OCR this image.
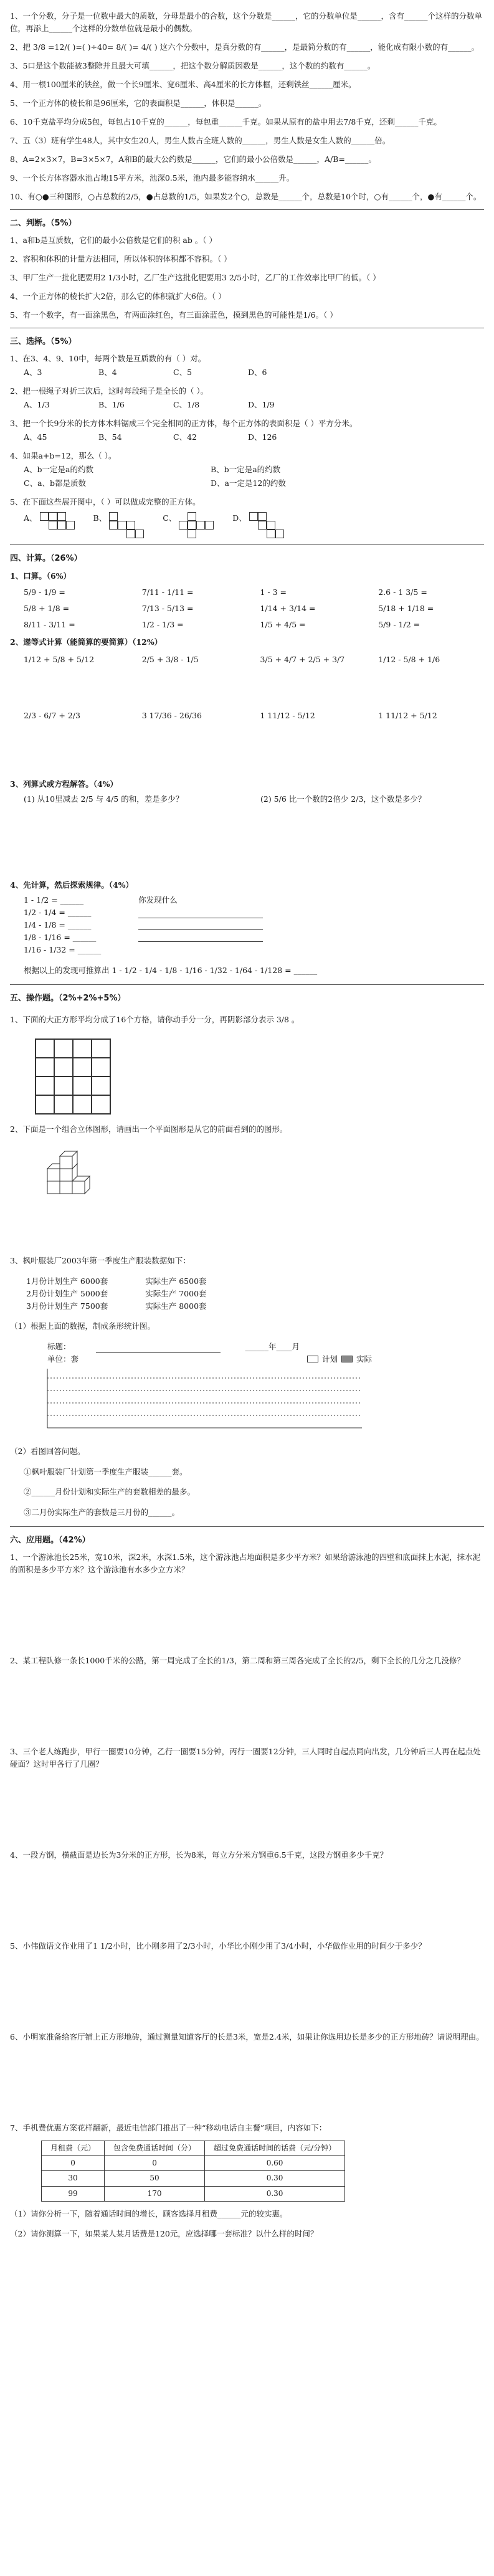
1、一个分数，分子是一位数中最大的质数，分母是最小的合数，这个分数是______，它的分数单位是______，含有______个这样的分数单位，再添上______个这样的分数单位就是最小的偶数。

2、把 3/8 =12/( )=( )÷40= 8/( )= 4/( ) 这六个分数中，是真分数的有______，是最简分数的有______，能化成有限小数的有______。

3、5口是这个数能被3整除并且最大可填______，把这个数分解质因数是______，这个数的约数有______。

4、用一根100厘米的铁丝，做一个长9厘米、宽6厘米、高4厘米的长方体框，还剩铁丝______厘米。

5、一个正方体的棱长和是96厘米，它的表面积是______，体积是______。

6、10千克盐平均分成5包，每包占10千克的______，每包重______千克。如果从原有的盐中用去7/8千克，还剩______千克。

7、五（3）班有学生48人，其中女生20人，男生人数占全班人数的______，男生人数是女生人数的______倍。

8、A=2×3×7，B=3×5×7，A和B的最大公约数是______，它们的最小公倍数是______，A/B=______。

9、一个长方体容器水池占地15平方米，池深0.5米，池内最多能容纳水______升。

10、有○●三种图形，○占总数的2/5，●占总数的1/5，如果发2个○，总数是______个，总数是10个时，○有______个，●有______个。

二、判断。（5%）

1、a和b是互质数，它们的最小公倍数是它们的积 ab 。（ ）

2、容积和体积的计量方法相同，所以体积的体积都不容积。（ ）

3、甲厂生产一批化肥要用2 1/3小时，乙厂生产这批化肥要用3 2/5小时，乙厂的工作效率比甲厂的低。（ ）

4、一个正方体的棱长扩大2倍，那么它的体积就扩大6倍。（ ）

5、有一个数字，有一面涂黑色，有两面涂红色，有三面涂蓝色，摸到黑色的可能性是1/6。（ ）

三、选择。（5%）

1、在3、4、9、10中，每两个数是互质数的有（ ）对。

A、3	B、4	C、5	D、6

2、把一根绳子对折三次后，这时每段绳子是全长的（ ）。

A、1/3	B、1/6	C、1/8	D、1/9

3、把一个长9分米的长方体木料锯成三个完全相同的正方体，每个正方体的表面积是（ ）平方分米。

A、45	B、54	C、42	D、126

4、如果a+b=12，那么（ ）。

A、b一定是a的约数	B、b一定是a的约数
C、a、b都是质数	D、a一定是12的约数

5、在下面这些展开图中，（ ）可以做成完整的正方体。

A、	B、	C、	D、
四、计算。（26%）
1、口算。（6%）
5/9 - 1/9 =	7/11 - 1/11 =	1 - 3 =	2.6 - 1 3/5 =
5/8 + 1/8 =	7/13 - 5/13 =	1/14 + 3/14 =	5/18 + 1/18 =
8/11 - 3/11 =	1/2 - 1/3 =	1/5 + 4/5 =	5/9 - 1/2 =
2、递等式计算（能简算的要简算）（12%）
1/12 + 5/8 + 5/12	2/5 + 3/8 - 1/5	3/5 + 4/7 + 2/5 + 3/7	1/12 - 5/8 + 1/6
2/3 - 6/7 + 2/3	3 17/36 - 26/36	1 11/12 - 5/12	1 11/12 + 5/12
3、列算式或方程解答。（4%）
(1) 从10里减去 2/5 与 4/5 的和，差是多少？	(2) 5/6 比一个数的2倍少 2/3，这个数是多少？
4、先计算，然后探索规律。（4%）
1 - 1/2 = ______
1/2 - 1/4 = ______
1/4 - 1/8 = ______
1/8 - 1/16 = ______
1/16 - 1/32 = ______
你发现什么

根据以上的发现可推算出 1 - 1/2 - 1/4 - 1/8 - 1/16 - 1/32 - 1/64 - 1/128 = ______

五、操作题。（2%+2%+5%）

1、下面的大正方形平均分成了16个方格，请你动手分一分，再阴影部分表示 3/8 。

2、下面是一个组合立体图形，请画出一个平面图形是从它的前面看到的的图形。

3、枫叶服装厂2003年第一季度生产服装数据如下：

1月份计划生产 6000套	实际生产 6500套
2月份计划生产 5000套	实际生产 7000套
3月份计划生产 7500套	实际生产 8000套

（1）根据上面的数据，制成条形统计图。

标题：	______年____月
单位：套	计划 实际

（2）看图回答问题。

①枫叶服装厂计划第一季度生产服装______套。

②______月份计划和实际生产的套数相差的最多。

③二月份实际生产的套数是三月份的______。

六、应用题。（42%）

1、一个游泳池长25米，宽10米，深2米，水深1.5米，这个游泳池占地面积是多少平方米？如果给游泳池的四壁和底面抹上水泥，抹水泥的面积是多少平方米？这个游泳池有水多少立方米？

2、某工程队修一条长1000千米的公路，第一周完成了全长的1/3，第二周和第三周各完成了全长的2/5，剩下全长的几分之几没修？

3、三个老人练跑步，甲行一圈要10分钟，乙行一圈要15分钟，丙行一圈要12分钟，三人同时自起点同向出发，几分钟后三人再在起点处碰面？这时甲各行了几圈？

4、一段方钢，横截面是边长为3分米的正方形，长为8米，每立方分米方钢重6.5千克，这段方钢重多少千克？

5、小伟做语文作业用了1 1/2小时，比小刚多用了2/3小时，小华比小刚少用了3/4小时，小华做作业用的时间少于多少？

6、小明家准备给客厅铺上正方形地砖，通过测量知道客厅的长是3米，宽是2.4米，如果让你选用边长是多少的正方形地砖？请说明理由。

7、手机费优惠方案花样翻新，最近电信部门推出了一种“移动电话自主餐”项目，内容如下：

月租费（元）	包含免费通话时间（分）	超过免费通话时间的话费（元/分钟）
0	0	0.60
30	50	0.30
99	170	0.30

（1）请你分析一下，随着通话时间的增长，顾客选择月租费______元的较实惠。

（2）请你测算一下，如果某人某月话费是120元，应选择哪一套标准？以什么样的时间？
